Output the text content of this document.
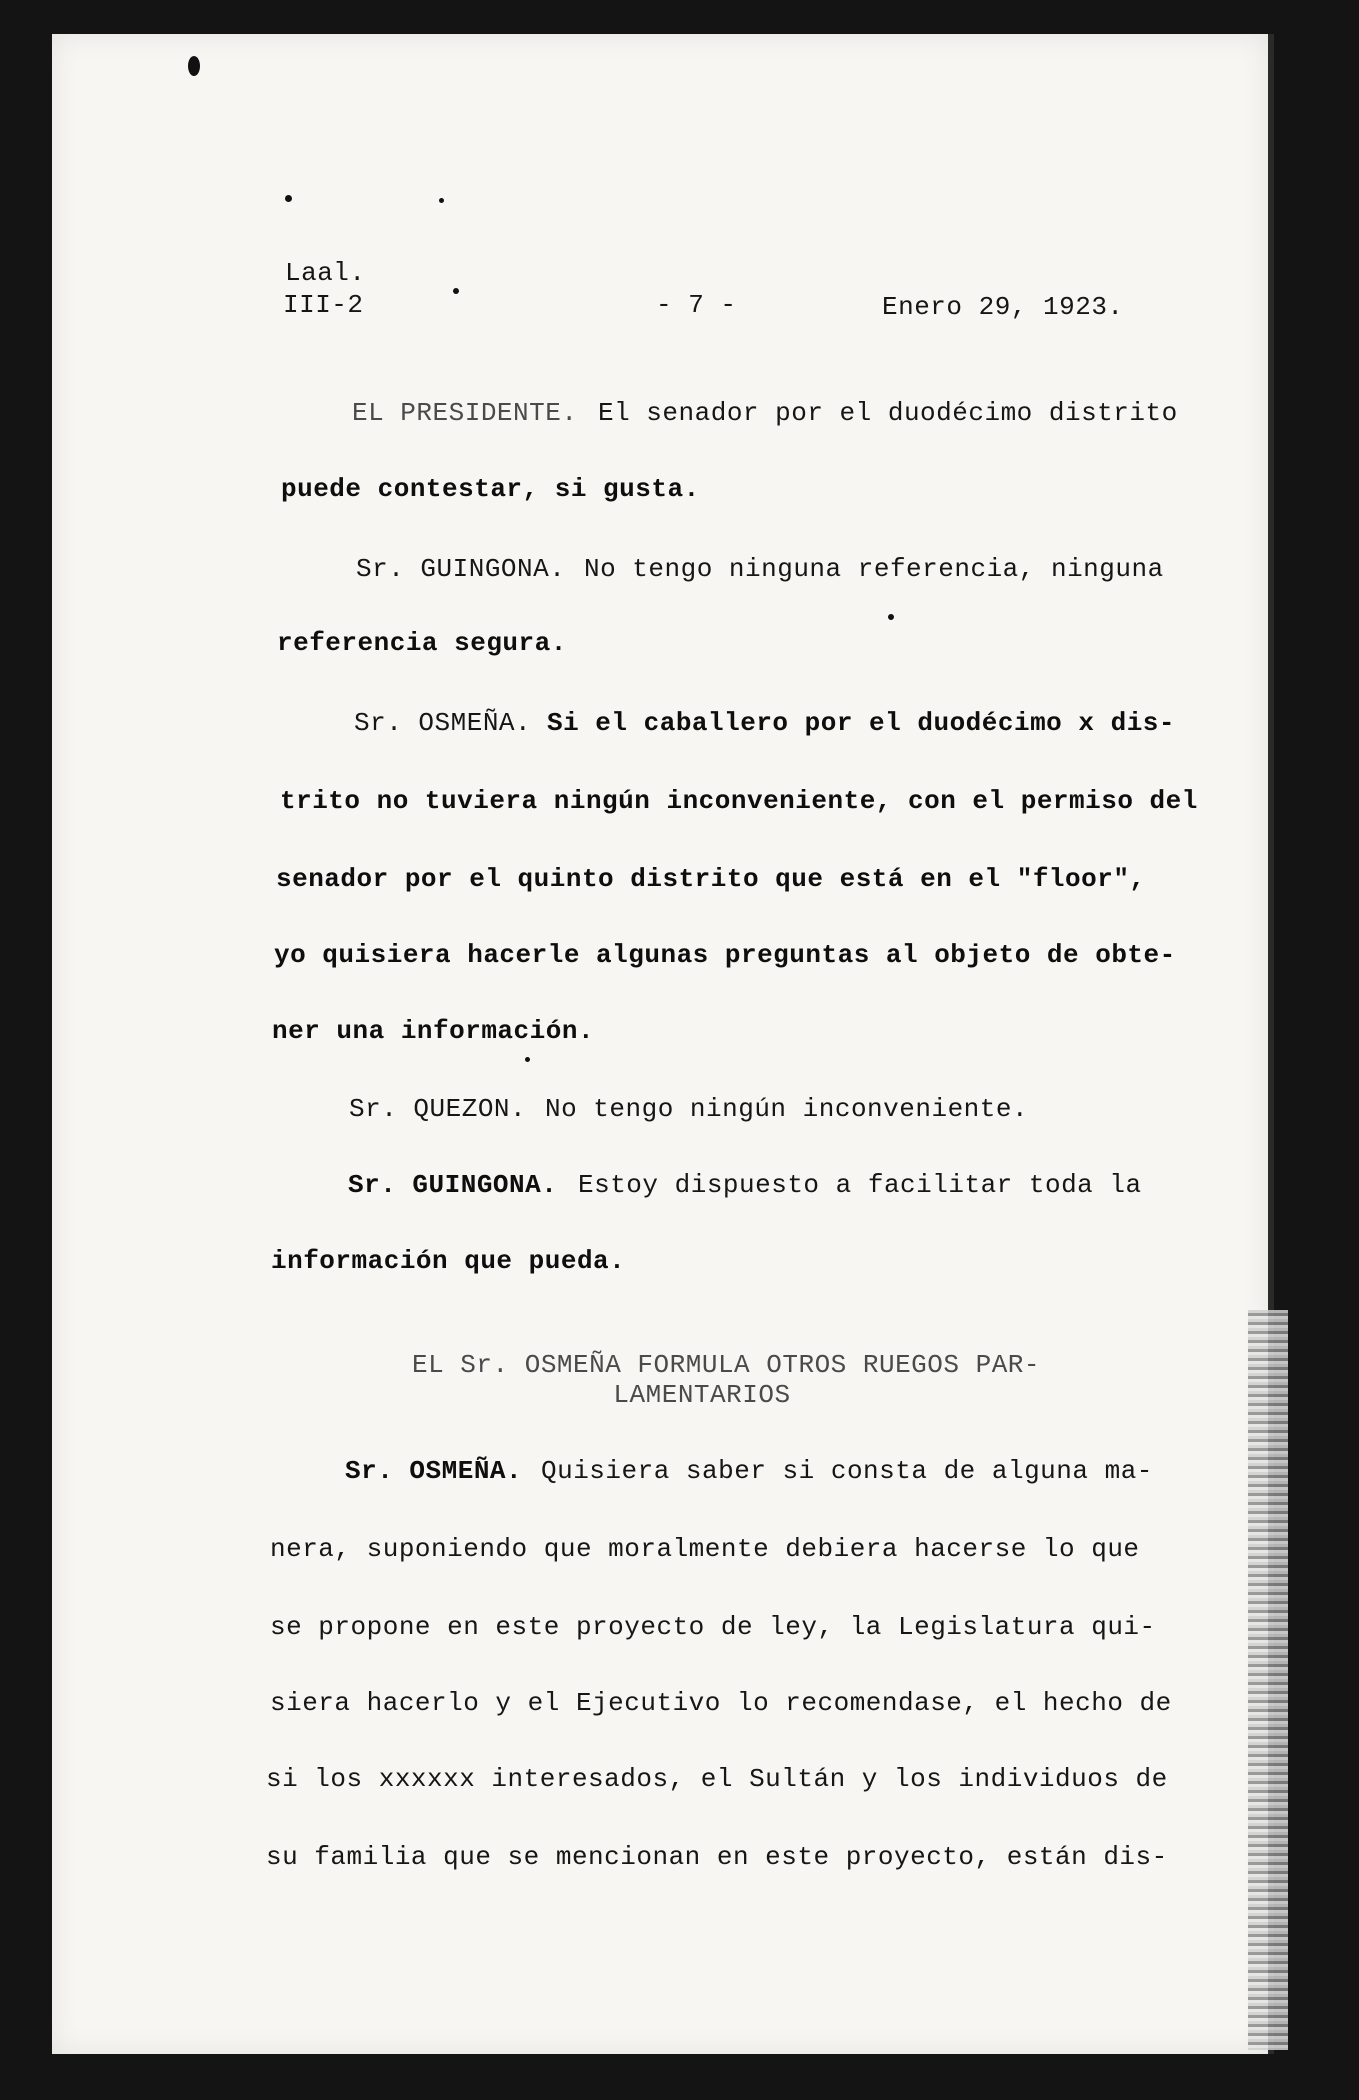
Laal.
III-2	- 7 -	Enero 29, 1923.
EL PRESIDENTE. El senador por el duodécimo distrito
puede contestar, si gusta.
Sr. GUINGONA. No tengo ninguna referencia, ninguna
referencia segura.
Sr. OSMEÑA. Si el caballero por el duodécimo x dis-
trito no tuviera ningún inconveniente, con el permiso del
senador por el quinto distrito que está en el "floor",
yo quisiera hacerle algunas preguntas al objeto de obte-
ner una información.
Sr. QUEZON. No tengo ningún inconveniente.
Sr. GUINGONA. Estoy dispuesto a facilitar toda la
información que pueda.
EL Sr. OSMEÑA FORMULA OTROS RUEGOS PAR-
LAMENTARIOS
Sr. OSMEÑA. Quisiera saber si consta de alguna ma-
nera, suponiendo que moralmente debiera hacerse lo que
se propone en este proyecto de ley, la Legislatura qui-
siera hacerlo y el Ejecutivo lo recomendase, el hecho de
si los xxxxxx interesados, el Sultán y los individuos de
su familia que se mencionan en este proyecto, están dis-
